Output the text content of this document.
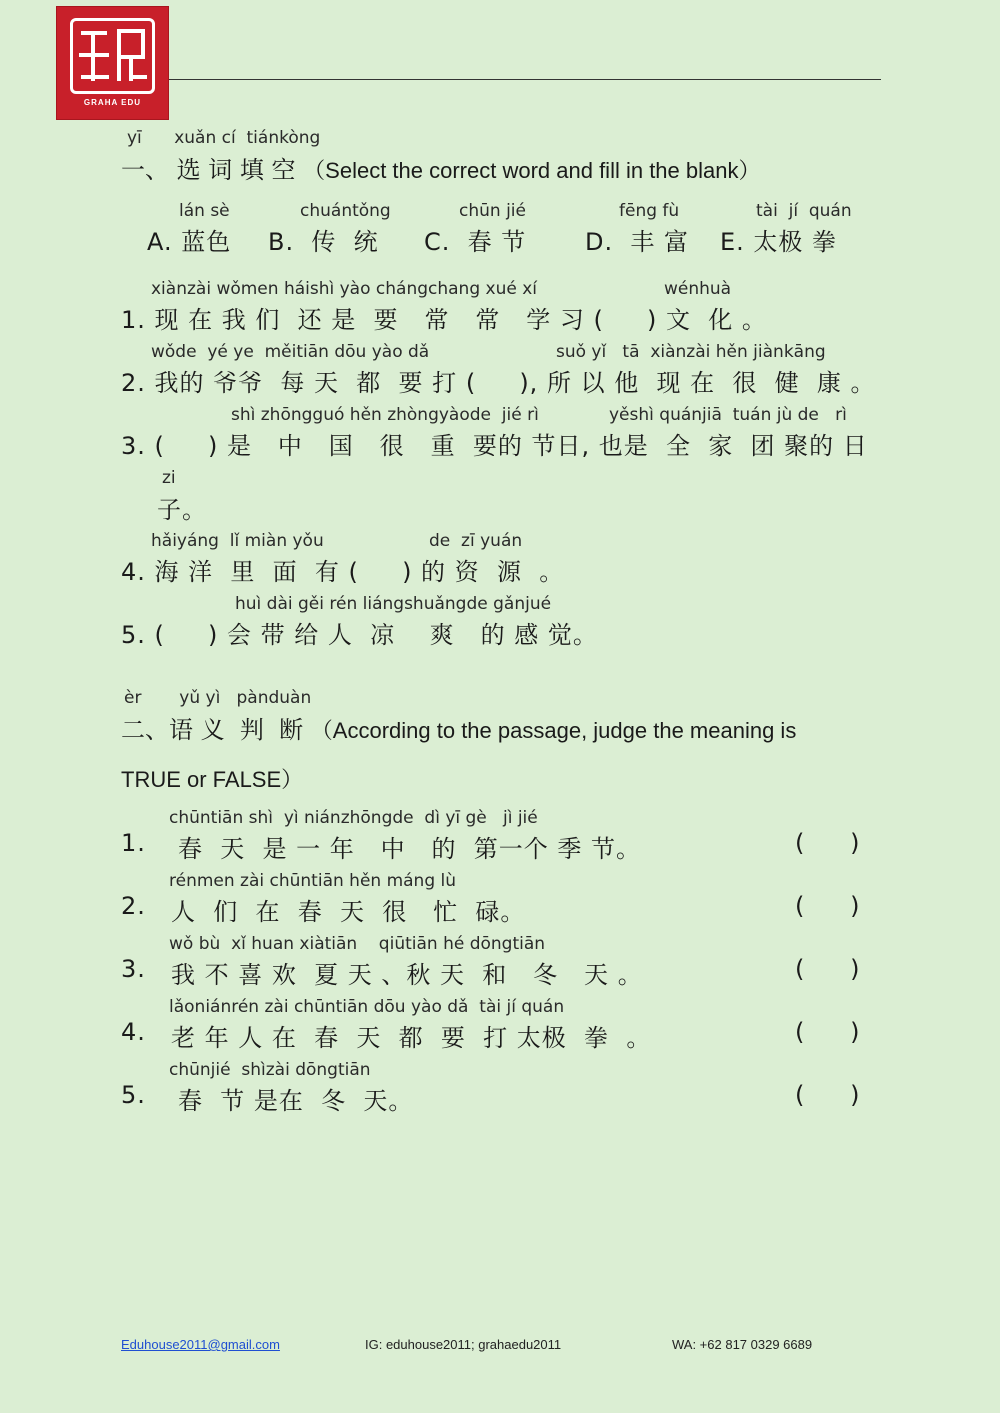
GRAHA EDU
yī      xuǎn cí  tiánkòng
一、 选 词 填 空 （Select the correct word and fill in the blank）
lán sè
A. 蓝色
chuántǒng
B.  传  统
chūn jié
C.  春 节
fēng fù
D.  丰 富
tài  jí  quán
E. 太极 拳
xiànzài wǒmen háishì yào chángchang xué xí	wénhuà
1. 现 在 我 们  还 是  要   常   常   学 习 (     ) 文  化 。
wǒde  yé ye  měitiān dōu yào dǎ	suǒ yǐ   tā  xiànzài hěn jiànkāng
2. 我的 爷爷  每 天  都  要 打 (     ), 所 以 他  现 在  很  健  康 。
shì zhōngguó hěn zhòngyàode  jié rì	yěshì quánjiā  tuán jù de   rì
3. (     ) 是   中   国   很   重  要的 节日, 也是  全  家  团 聚的 日
zi
子。
hǎiyáng  lǐ miàn yǒu	de  zī yuán
4. 海 洋  里  面  有 (     ) 的 资  源  。
huì dài gěi rén liángshuǎngde gǎnjué
5. (     ) 会 带 给 人  凉    爽   的 感 觉。
èr       yǔ yì   pànduàn
二、语 义  判  断 （According to the passage, judge the meaning is
TRUE or FALSE）
chūntiān shì  yì niánzhōngde  dì yī gè   jì jié
1. 春  天  是 一 年   中   的  第一个 季 节。	(      )
rénmen zài chūntiān hěn máng lù
2. 人  们  在  春  天  很   忙  碌。	(      )
wǒ bù  xǐ huan xiàtiān    qiūtiān hé dōngtiān
3. 我 不 喜 欢  夏 天 、秋 天  和   冬   天 。	(      )
lǎoniánrén zài chūntiān dōu yào dǎ  tài jí quán
4. 老 年 人 在  春  天  都  要  打 太极  拳  。	(      )
chūnjié  shìzài dōngtiān
5. 春  节 是在  冬  天。	(      )
Eduhouse2011@gmail.com	IG: eduhouse2011; grahaedu2011	WA: +62 817 0329 6689
